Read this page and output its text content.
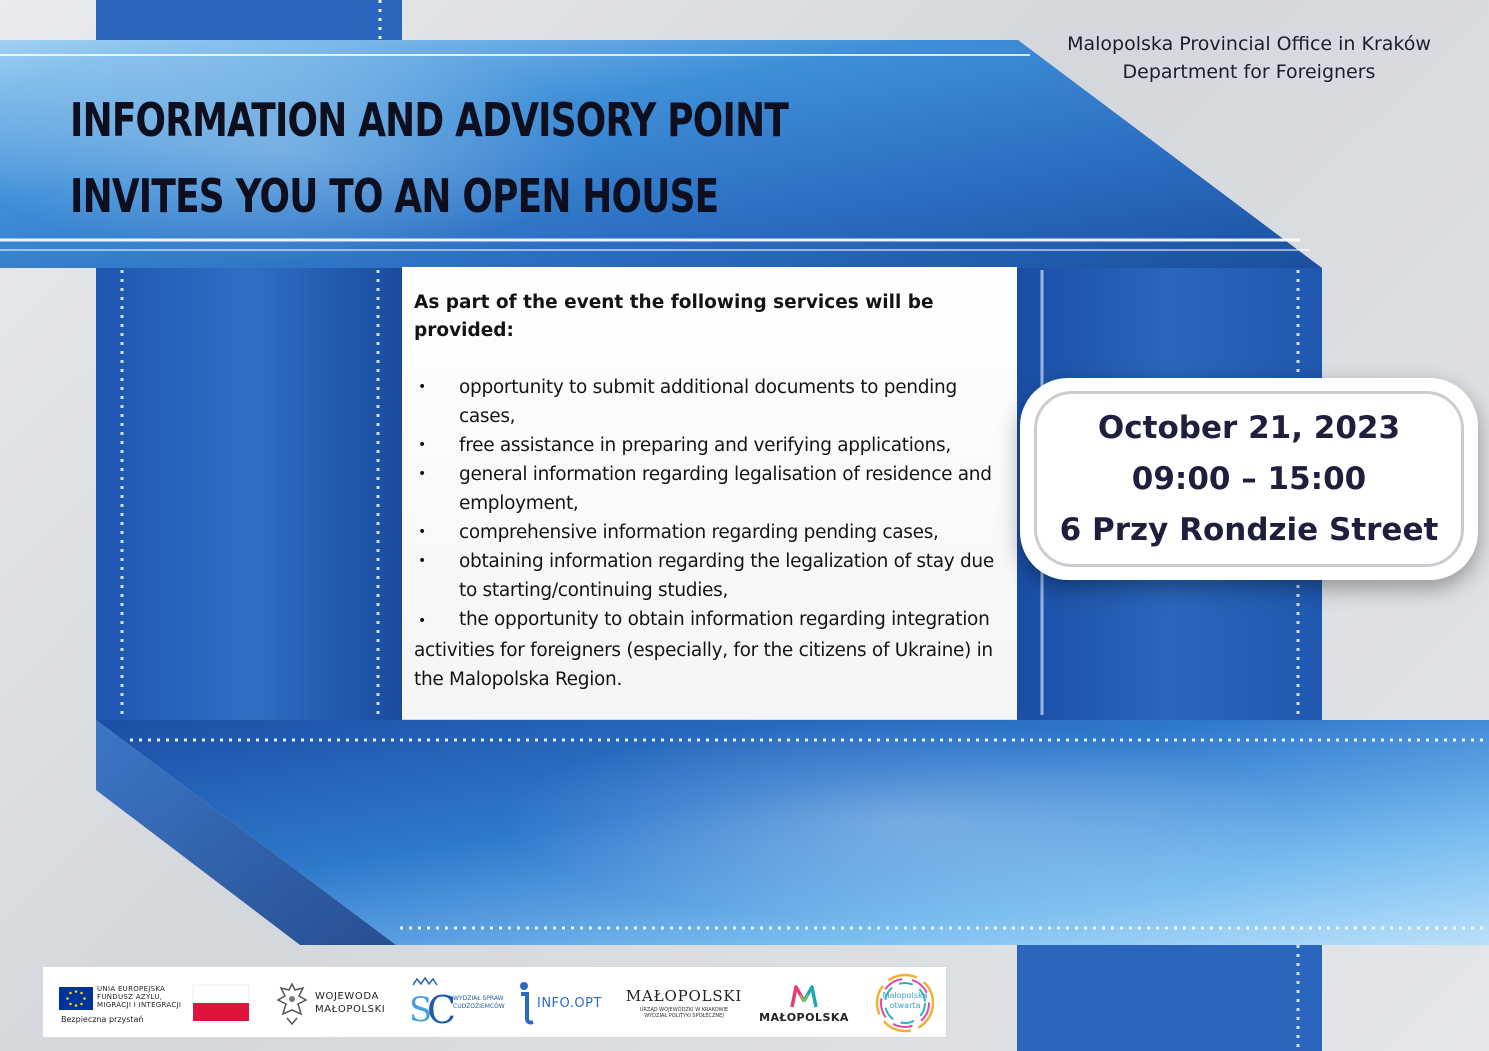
Malopolska Provincial Office in Kraków
Department for Foreigners
INFORMATION AND ADVISORY POINT
INVITES YOU TO AN OPEN HOUSE
As part of the event the following services will be provided:
• opportunity to submit additional documents to pending cases,
• free assistance in preparing and verifying applications,
• general information regarding legalisation of residence and employment,
• comprehensive information regarding pending cases,
• obtaining information regarding the legalization of stay due to starting/continuing studies,
• the opportunity to obtain information regarding integration activities for foreigners (especially, for the citizens of Ukraine) in the Malopolska Region.
October 21, 2023
09:00 – 15:00
6 Przy Rondzie Street
UNIA EUROPEJSKA
FUNDUSZ AZYLU,
MIGRACJI I INTEGRACJI
Bezpieczna przystań
WOJEWODA
MAŁOPOLSKI S
C
WYDZIAŁ SPRAW
CUDZOZIEMCÓW INFO.OPT MAŁOPOLSKI
URZĄD WOJEWÓDZKI W KRAKOWIE
WYDZIAŁ POLITYKI SPOŁECZNEJ	MAŁOPOLSKA
Małopolska
otwarta
